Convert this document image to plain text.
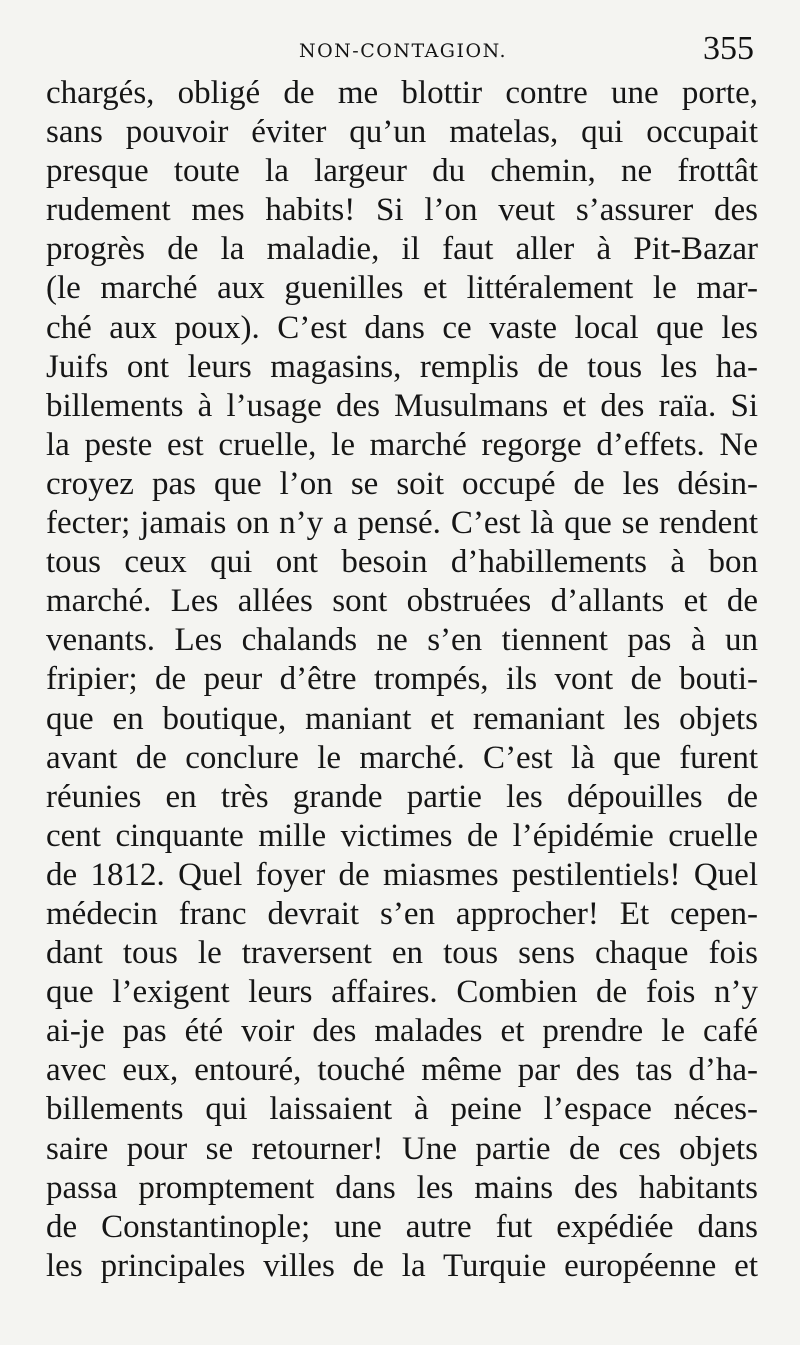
NON-CONTAGION.	355
chargés, obligé de me blottir contre une porte,
sans pouvoir éviter qu’un matelas, qui occupait
presque toute la largeur du chemin, ne frottât
rudement mes habits! Si l’on veut s’assurer des
progrès de la maladie, il faut aller à Pit-Bazar
(le marché aux guenilles et littéralement le mar-
ché aux poux). C’est dans ce vaste local que les
Juifs ont leurs magasins, remplis de tous les ha-
billements à l’usage des Musulmans et des raïa. Si
la peste est cruelle, le marché regorge d’effets. Ne
croyez pas que l’on se soit occupé de les désin-
fecter; jamais on n’y a pensé. C’est là que se rendent
tous ceux qui ont besoin d’habillements à bon
marché. Les allées sont obstruées d’allants et de
venants. Les chalands ne s’en tiennent pas à un
fripier; de peur d’être trompés, ils vont de bouti-
que en boutique, maniant et remaniant les objets
avant de conclure le marché. C’est là que furent
réunies en très grande partie les dépouilles de
cent cinquante mille victimes de l’épidémie cruelle
de 1812. Quel foyer de miasmes pestilentiels! Quel
médecin franc devrait s’en approcher! Et cepen-
dant tous le traversent en tous sens chaque fois
que l’exigent leurs affaires. Combien de fois n’y
ai-je pas été voir des malades et prendre le café
avec eux, entouré, touché même par des tas d’ha-
billements qui laissaient à peine l’espace néces-
saire pour se retourner! Une partie de ces objets
passa promptement dans les mains des habitants
de Constantinople; une autre fut expédiée dans
les principales villes de la Turquie européenne et
